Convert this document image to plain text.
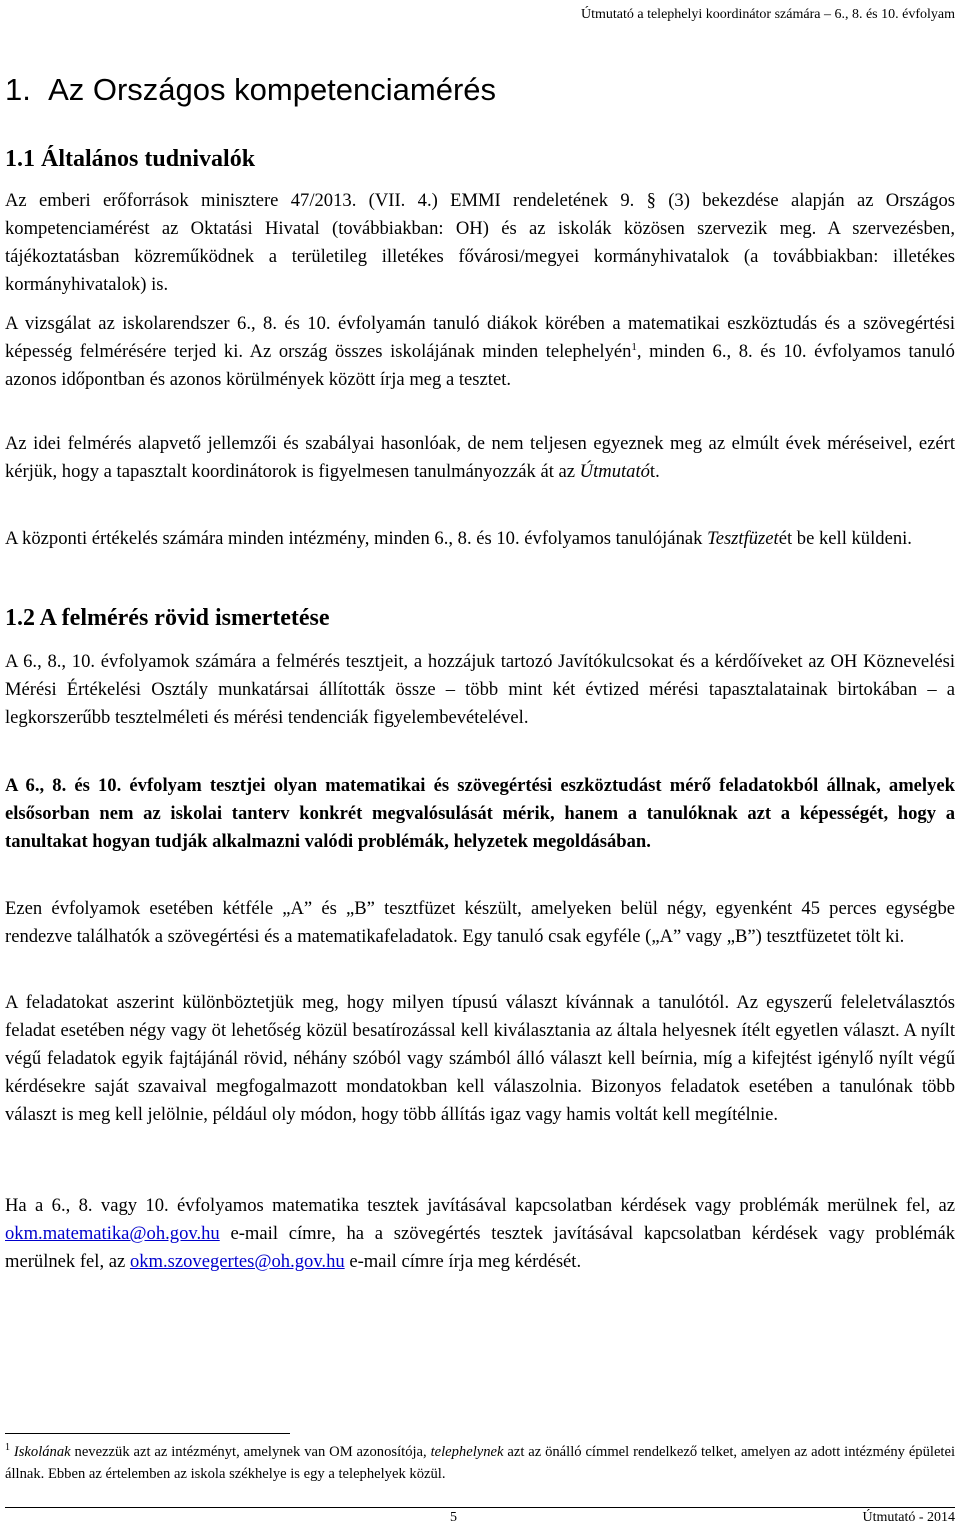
Útmutató a telephelyi koordinátor számára – 6., 8. és 10. évfolyam
1.  Az Országos kompetenciamérés
1.1 Általános tudnivalók

Az emberi erőforrások minisztere 47/2013. (VII. 4.) EMMI rendeletének 9. § (3) bekezdése alapján az Országos kompetenciamérést az Oktatási Hivatal (továbbiakban: OH) és az iskolák közösen szervezik meg. A szervezésben, tájékoztatásban közreműködnek a területileg illetékes fővárosi/megyei kormányhivatalok (a továbbiakban: illetékes kormányhivatalok) is.

A vizsgálat az iskolarendszer 6., 8. és 10. évfolyamán tanuló diákok körében a matematikai eszköztudás és a szövegértési képesség felmérésére terjed ki. Az ország összes iskolájának minden telephelyén$^1$, minden 6., 8. és 10. évfolyamos tanuló azonos időpontban és azonos körülmények között írja meg a tesztet.

Az idei felmérés alapvető jellemzői és szabályai hasonlóak, de nem teljesen egyeznek meg az elmúlt évek méréseivel, ezért kérjük, hogy a tapasztalt koordinátorok is figyelmesen tanulmányozzák át az Útmutatót.

A központi értékelés számára minden intézmény, minden 6., 8. és 10. évfolyamos tanulójának Tesztfüzetét be kell küldeni.

1.2 A felmérés rövid ismertetése

A 6., 8., 10. évfolyamok számára a felmérés tesztjeit, a hozzájuk tartozó Javítókulcsokat és a kérdőíveket az OH Köznevelési Mérési Értékelési Osztály munkatársai állították össze – több mint két évtized mérési tapasztalatainak birtokában – a legkorszerűbb tesztelméleti és mérési tendenciák figyelembevételével.

A 6., 8. és 10. évfolyam tesztjei olyan matematikai és szövegértési eszköztudást mérő feladatokból állnak, amelyek elsősorban nem az iskolai tanterv konkrét megvalósulását mérik, hanem a tanulóknak azt a képességét, hogy a tanultakat hogyan tudják alkalmazni valódi problémák, helyzetek megoldásában.

Ezen évfolyamok esetében kétféle „A” és „B” tesztfüzet készült, amelyeken belül négy, egyenként 45 perces egységbe rendezve találhatók a szövegértési és a matematikafeladatok. Egy tanuló csak egyféle („A” vagy „B”) tesztfüzetet tölt ki.

A feladatokat aszerint különböztetjük meg, hogy milyen típusú választ kívánnak a tanulótól. Az egyszerű feleletválasztós feladat esetében négy vagy öt lehetőség közül besatírozással kell kiválasztania az általa helyesnek ítélt egyetlen választ. A nyílt végű feladatok egyik fajtájánál rövid, néhány szóból vagy számból álló választ kell beírnia, míg a kifejtést igénylő nyílt végű kérdésekre saját szavaival megfogalmazott mondatokban kell válaszolnia. Bizonyos feladatok esetében a tanulónak több választ is meg kell jelölnie, például oly módon, hogy több állítás igaz vagy hamis voltát kell megítélnie.

Ha a 6., 8. vagy 10. évfolyamos matematika tesztek javításával kapcsolatban kérdések vagy problémák merülnek fel, az okm.matematika@oh.gov.hu e-mail címre, ha a szövegértés tesztek javításával kapcsolatban kérdések vagy problémák merülnek fel, az okm.szovegertes@oh.gov.hu e-mail címre írja meg kérdését.

$^1$ Iskolának nevezzük azt az intézményt, amelynek van OM azonosítója, telephelynek azt az önálló címmel rendelkező telket, amelyen az adott intézmény épületei állnak. Ebben az értelemben az iskola székhelye is egy a telephelyek közül.

5	Útmutató - 2014
